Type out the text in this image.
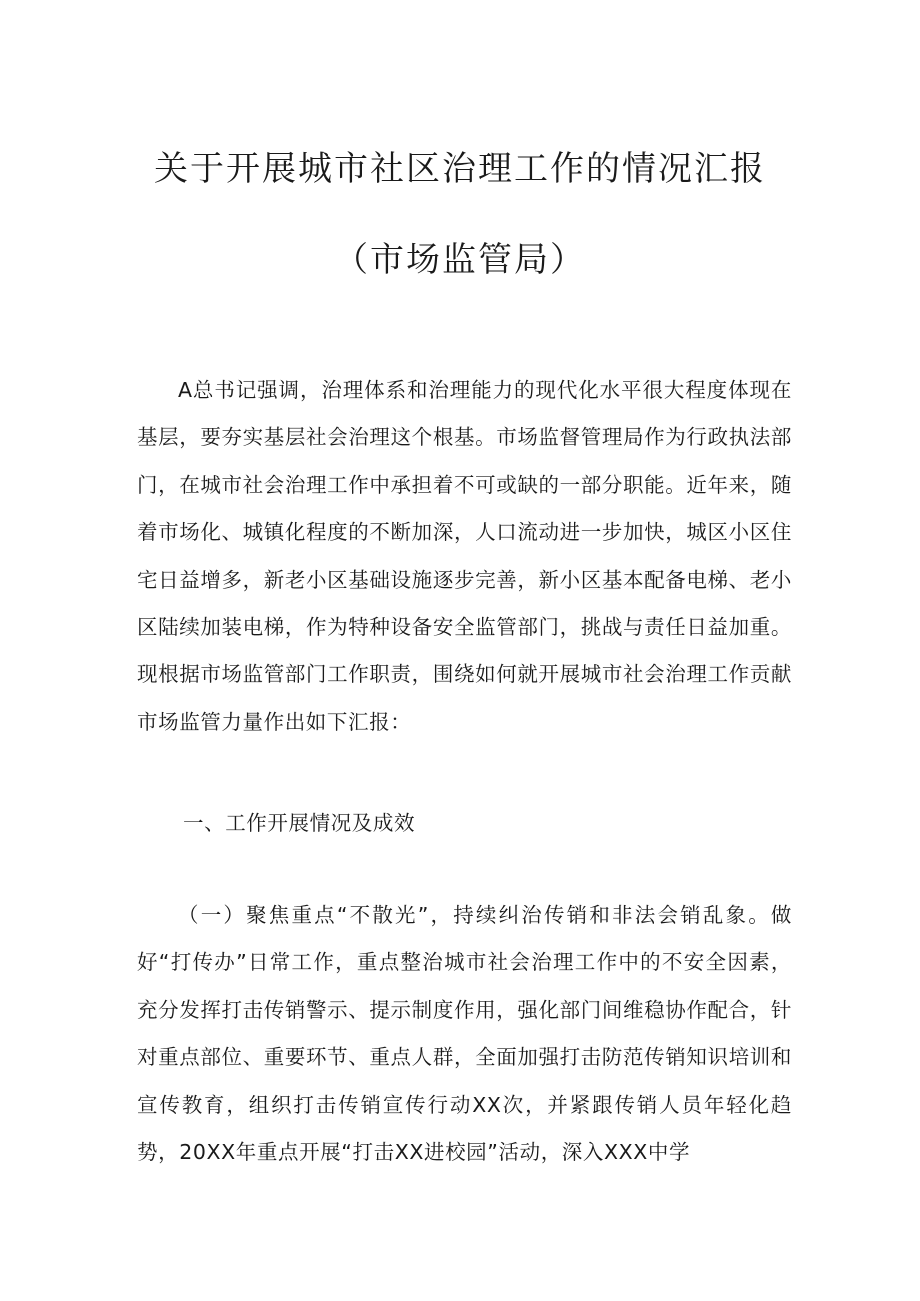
关于开展城市社区治理工作的情况汇报
（市场监管局）

A总书记强调，治理体系和治理能力的现代化水平很大程度体现在基层，要夯实基层社会治理这个根基。市场监督管理局作为行政执法部门，在城市社会治理工作中承担着不可或缺的一部分职能。近年来，随着市场化、城镇化程度的不断加深，人口流动进一步加快，城区小区住宅日益增多，新老小区基础设施逐步完善，新小区基本配备电梯、老小区陆续加装电梯，作为特种设备安全监管部门，挑战与责任日益加重。现根据市场监管部门工作职责，围绕如何就开展城市社会治理工作贡献市场监管力量作出如下汇报：

一、工作开展情况及成效

（一）聚焦重点“不散光”，持续纠治传销和非法会销乱象。做好“打传办”日常工作，重点整治城市社会治理工作中的不安全因素，充分发挥打击传销警示、提示制度作用，强化部门间维稳协作配合，针对重点部位、重要环节、重点人群，全面加强打击防范传销知识培训和宣传教育，组织打击传销宣传行动XX次，并紧跟传销人员年轻化趋势，20XX年重点开展“打击XX进校园”活动，深入XXX中学
